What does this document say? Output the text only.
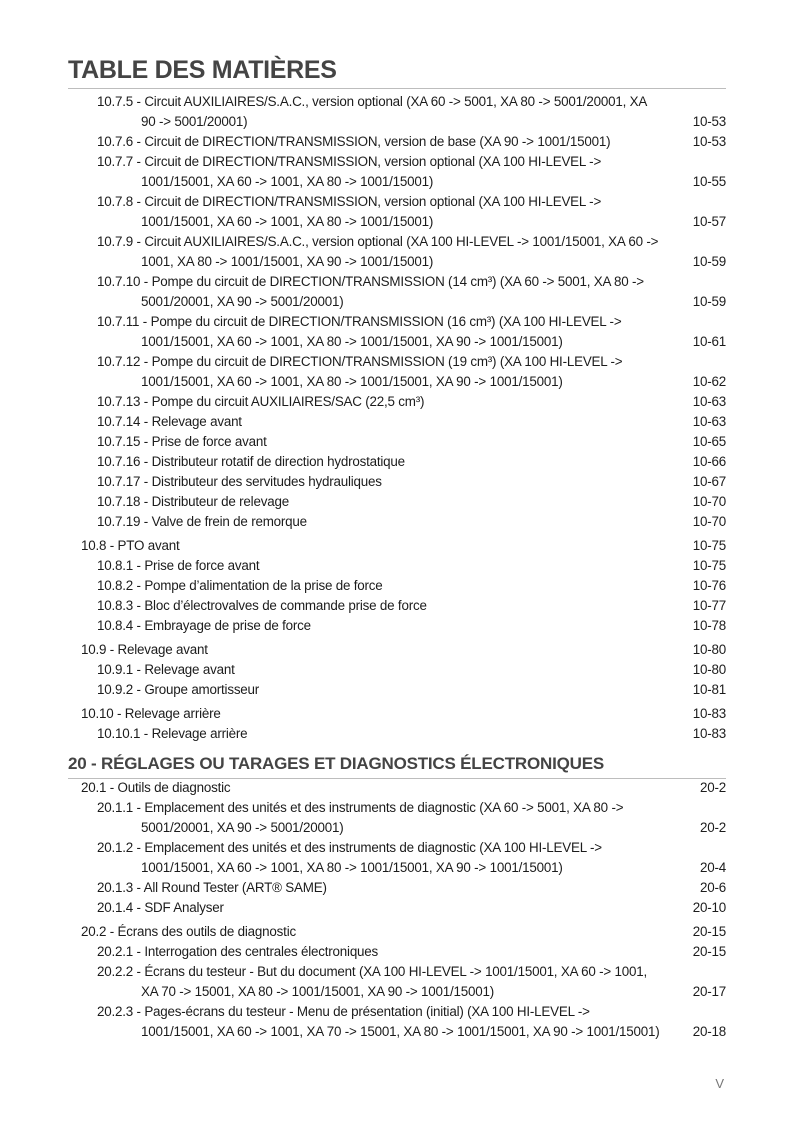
TABLE DES MATIÈRES
10.7.5 - Circuit AUXILIAIRES/S.A.C., version optional (XA 60 -> 5001, XA 80 -> 5001/20001, XA
90 -> 5001/20001)	10-53
10.7.6 - Circuit de DIRECTION/TRANSMISSION, version de base (XA 90 -> 1001/15001)	10-53
10.7.7 - Circuit de DIRECTION/TRANSMISSION, version optional (XA 100 HI-LEVEL ->
1001/15001, XA 60 -> 1001, XA 80 -> 1001/15001)	10-55
10.7.8 - Circuit de DIRECTION/TRANSMISSION, version optional (XA 100 HI-LEVEL ->
1001/15001, XA 60 -> 1001, XA 80 -> 1001/15001)	10-57
10.7.9 - Circuit AUXILIAIRES/S.A.C., version optional (XA 100 HI-LEVEL -> 1001/15001, XA 60 ->
1001, XA 80 -> 1001/15001, XA 90 -> 1001/15001)	10-59
10.7.10 - Pompe du circuit de DIRECTION/TRANSMISSION (14 cm³) (XA 60 -> 5001, XA 80 ->
5001/20001, XA 90 -> 5001/20001)	10-59
10.7.11 - Pompe du circuit de DIRECTION/TRANSMISSION (16 cm³) (XA 100 HI-LEVEL ->
1001/15001, XA 60 -> 1001, XA 80 -> 1001/15001, XA 90 -> 1001/15001)	10-61
10.7.12 - Pompe du circuit de DIRECTION/TRANSMISSION (19 cm³) (XA 100 HI-LEVEL ->
1001/15001, XA 60 -> 1001, XA 80 -> 1001/15001, XA 90 -> 1001/15001)	10-62
10.7.13 - Pompe du circuit AUXILIAIRES/SAC (22,5 cm³)	10-63
10.7.14 - Relevage avant	10-63
10.7.15 - Prise de force avant	10-65
10.7.16 - Distributeur rotatif de direction hydrostatique	10-66
10.7.17 - Distributeur des servitudes hydrauliques	10-67
10.7.18 - Distributeur de relevage	10-70
10.7.19 - Valve de frein de remorque	10-70
10.8 - PTO avant	10-75
10.8.1 - Prise de force avant	10-75
10.8.2 - Pompe d’alimentation de la prise de force	10-76
10.8.3 - Bloc d’électrovalves de commande prise de force	10-77
10.8.4 - Embrayage de prise de force	10-78
10.9 - Relevage avant	10-80
10.9.1 - Relevage avant	10-80
10.9.2 - Groupe amortisseur	10-81
10.10 - Relevage arrière	10-83
10.10.1 - Relevage arrière	10-83
20 - RÉGLAGES OU TARAGES ET DIAGNOSTICS ÉLECTRONIQUES
20.1 - Outils de diagnostic	20-2
20.1.1 - Emplacement des unités et des instruments de diagnostic (XA 60 -> 5001, XA 80 ->
5001/20001, XA 90 -> 5001/20001)	20-2
20.1.2 - Emplacement des unités et des instruments de diagnostic (XA 100 HI-LEVEL ->
1001/15001, XA 60 -> 1001, XA 80 -> 1001/15001, XA 90 -> 1001/15001)	20-4
20.1.3 - All Round Tester (ART® SAME)	20-6
20.1.4 - SDF Analyser	20-10
20.2 - Écrans des outils de diagnostic	20-15
20.2.1 - Interrogation des centrales électroniques	20-15
20.2.2 - Écrans du testeur - But du document (XA 100 HI-LEVEL -> 1001/15001, XA 60 -> 1001,
XA 70 -> 15001, XA 80 -> 1001/15001, XA 90 -> 1001/15001)	20-17
20.2.3 - Pages-écrans du testeur - Menu de présentation (initial) (XA 100 HI-LEVEL ->
1001/15001, XA 60 -> 1001, XA 70 -> 15001, XA 80 -> 1001/15001, XA 90 -> 1001/15001)	20-18
V
